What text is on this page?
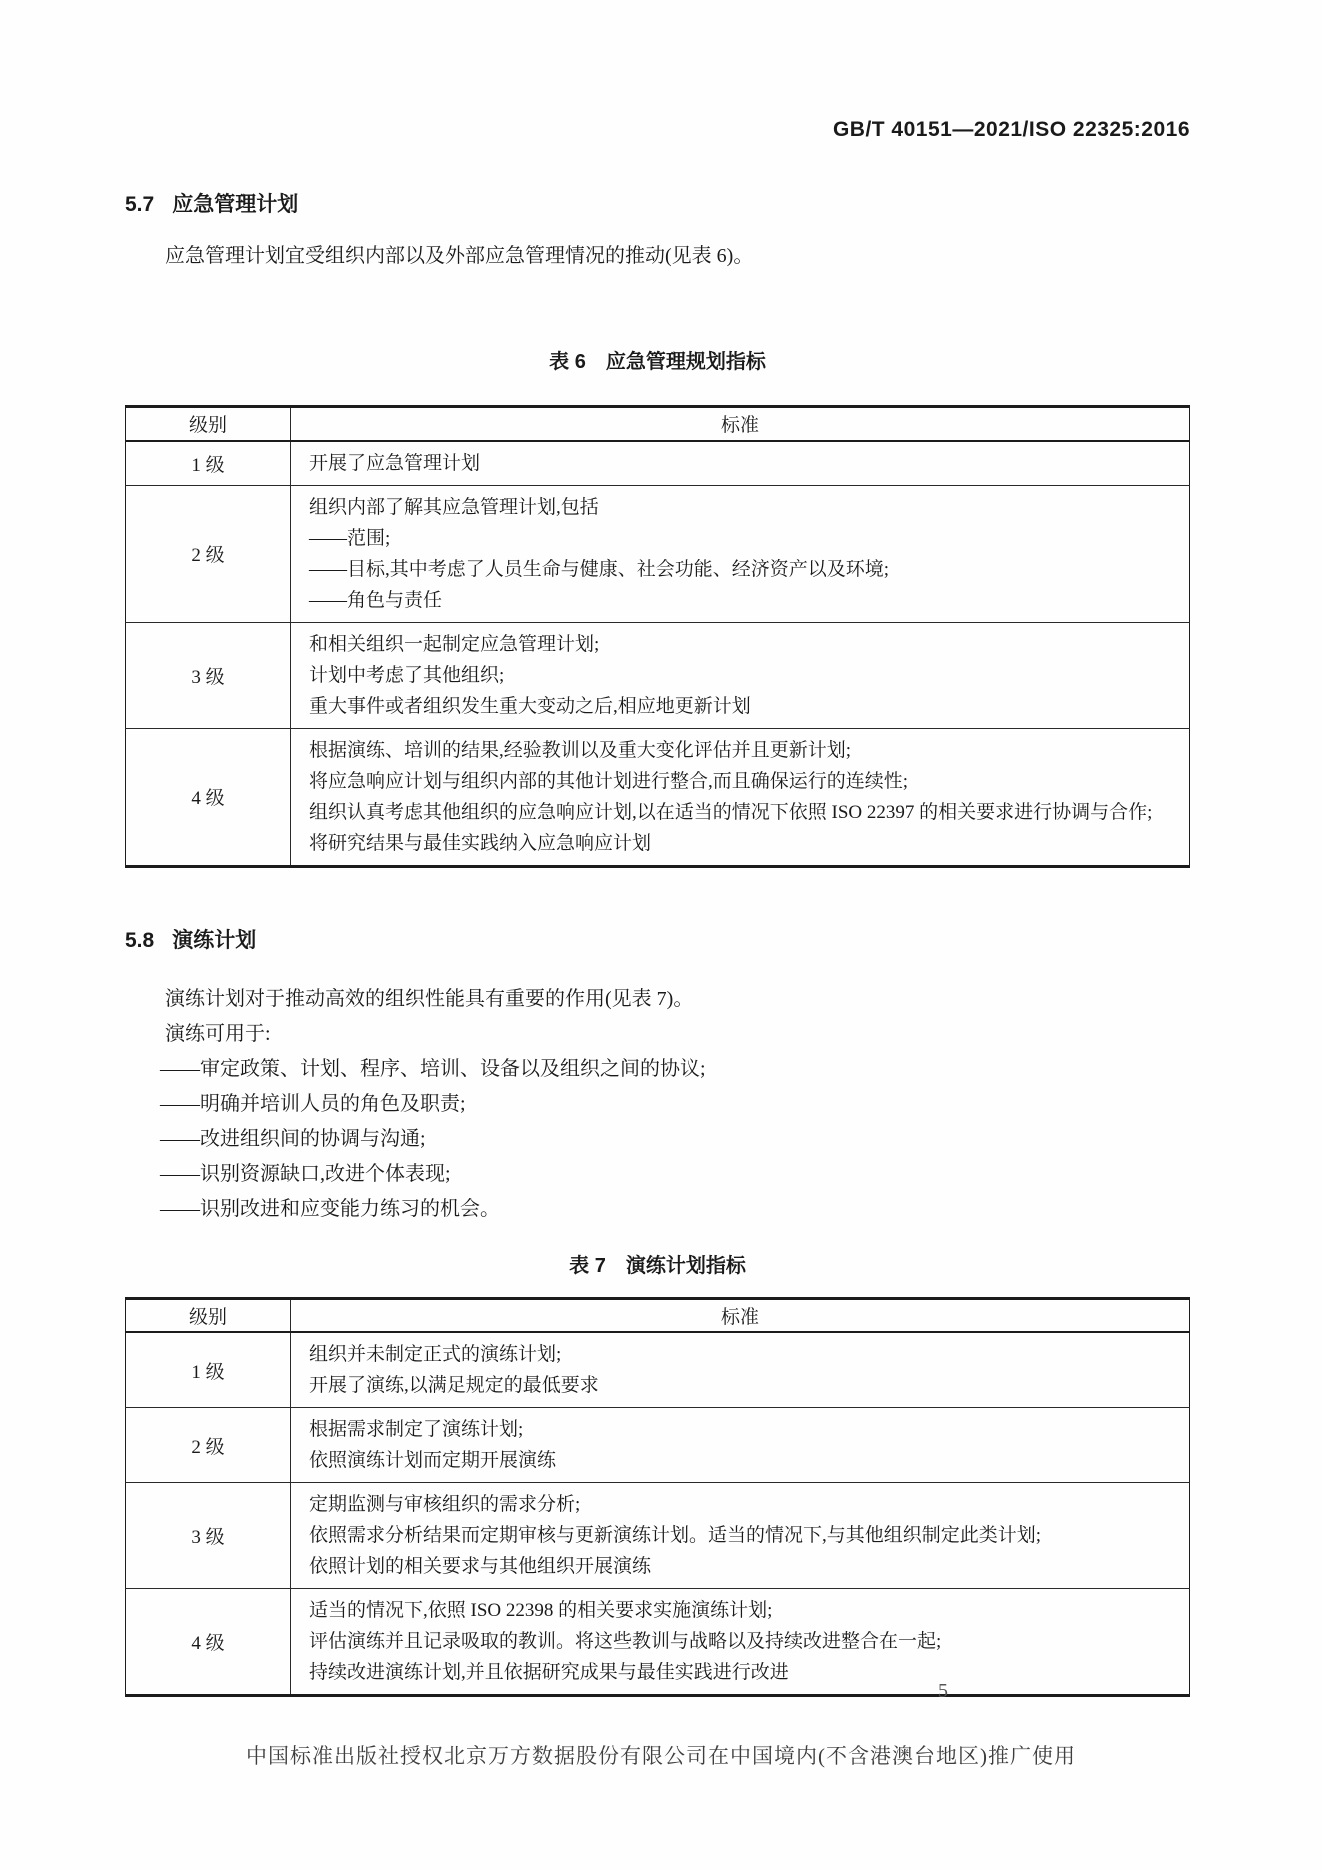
GB/T 40151—2021/ISO 22325:2016
5.7 应急管理计划

应急管理计划宜受组织内部以及外部应急管理情况的推动(见表 6)。

表 6　应急管理规划指标
级别	标准
1 级	开展了应急管理计划

2 级	组织内部了解其应急管理计划,包括
——范围;
——目标,其中考虑了人员生命与健康、社会功能、经济资产以及环境;
——角色与责任

3 级	和相关组织一起制定应急管理计划;
计划中考虑了其他组织;
重大事件或者组织发生重大变动之后,相应地更新计划

4 级	根据演练、培训的结果,经验教训以及重大变化评估并且更新计划;
将应急响应计划与组织内部的其他计划进行整合,而且确保运行的连续性;
组织认真考虑其他组织的应急响应计划,以在适当的情况下依照 ISO 22397 的相关要求进行协调与合作;
将研究结果与最佳实践纳入应急响应计划
5.8 演练计划

演练计划对于推动高效的组织性能具有重要的作用(见表 7)。

演练可用于:

——审定政策、计划、程序、培训、设备以及组织之间的协议;
——明确并培训人员的角色及职责;
——改进组织间的协调与沟通;
——识别资源缺口,改进个体表现;
——识别改进和应变能力练习的机会。
表 7　演练计划指标
级别	标准
1 级	组织并未制定正式的演练计划;
开展了演练,以满足规定的最低要求

2 级	根据需求制定了演练计划;
依照演练计划而定期开展演练

3 级	定期监测与审核组织的需求分析;
依照需求分析结果而定期审核与更新演练计划。适当的情况下,与其他组织制定此类计划;
依照计划的相关要求与其他组织开展演练

4 级	适当的情况下,依照 ISO 22398 的相关要求实施演练计划;
评估演练并且记录吸取的教训。将这些教训与战略以及持续改进整合在一起;
持续改进演练计划,并且依据研究成果与最佳实践进行改进
5
中国标准出版社授权北京万方数据股份有限公司在中国境内(不含港澳台地区)推广使用
